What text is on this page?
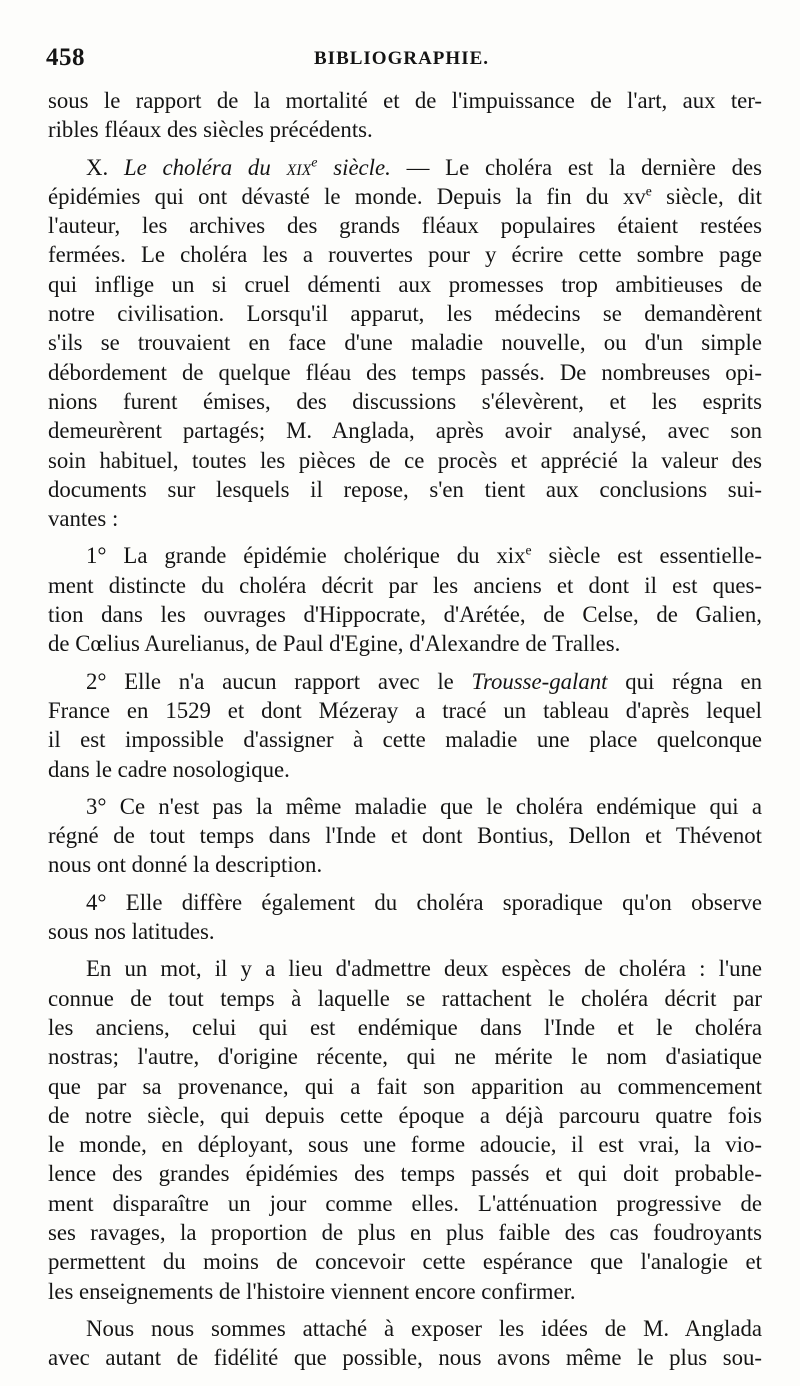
458	BIBLIOGRAPHIE.

sous le rapport de la mortalité et de l'impuissance de l'art, aux ter-

ribles fléaux des siècles précédents.

X. Le choléra du xix$^e$ siècle. — Le choléra est la dernière des

épidémies qui ont dévasté le monde. Depuis la fin du $xv^e$ siècle, dit

l'auteur, les archives des grands fléaux populaires étaient restées

fermées. Le choléra les a rouvertes pour y écrire cette sombre page

qui inflige un si cruel démenti aux promesses trop ambitieuses de

notre civilisation. Lorsqu'il apparut, les médecins se demandèrent

s'ils se trouvaient en face d'une maladie nouvelle, ou d'un simple

débordement de quelque fléau des temps passés. De nombreuses opi-

nions furent émises, des discussions s'élevèrent, et les esprits

demeurèrent partagés; M. Anglada, après avoir analysé, avec son

soin habituel, toutes les pièces de ce procès et apprécié la valeur des

documents sur lesquels il repose, s'en tient aux conclusions sui-

vantes :

1° La grande épidémie cholérique du xix$^e$ siècle est essentielle-

ment distincte du choléra décrit par les anciens et dont il est ques-

tion dans les ouvrages d'Hippocrate, d'Arétée, de Celse, de Galien,

de Cœlius Aurelianus, de Paul d'Egine, d'Alexandre de Tralles.

2° Elle n'a aucun rapport avec le Trousse-galant qui régna en

France en 1529 et dont Mézeray a tracé un tableau d'après lequel

il est impossible d'assigner à cette maladie une place quelconque

dans le cadre nosologique.

3° Ce n'est pas la même maladie que le choléra endémique qui a

régné de tout temps dans l'Inde et dont Bontius, Dellon et Thévenot

nous ont donné la description.

4° Elle diffère également du choléra sporadique qu'on observe

sous nos latitudes.

En un mot, il y a lieu d'admettre deux espèces de choléra : l'une

connue de tout temps à laquelle se rattachent le choléra décrit par

les anciens, celui qui est endémique dans l'Inde et le choléra

nostras; l'autre, d'origine récente, qui ne mérite le nom d'asiatique

que par sa provenance, qui a fait son apparition au commencement

de notre siècle, qui depuis cette époque a déjà parcouru quatre fois

le monde, en déployant, sous une forme adoucie, il est vrai, la vio-

lence des grandes épidémies des temps passés et qui doit probable-

ment disparaître un jour comme elles. L'atténuation progressive de

ses ravages, la proportion de plus en plus faible des cas foudroyants

permettent du moins de concevoir cette espérance que l'analogie et

les enseignements de l'histoire viennent encore confirmer.

Nous nous sommes attaché à exposer les idées de M. Anglada

avec autant de fidélité que possible, nous avons même le plus sou-
